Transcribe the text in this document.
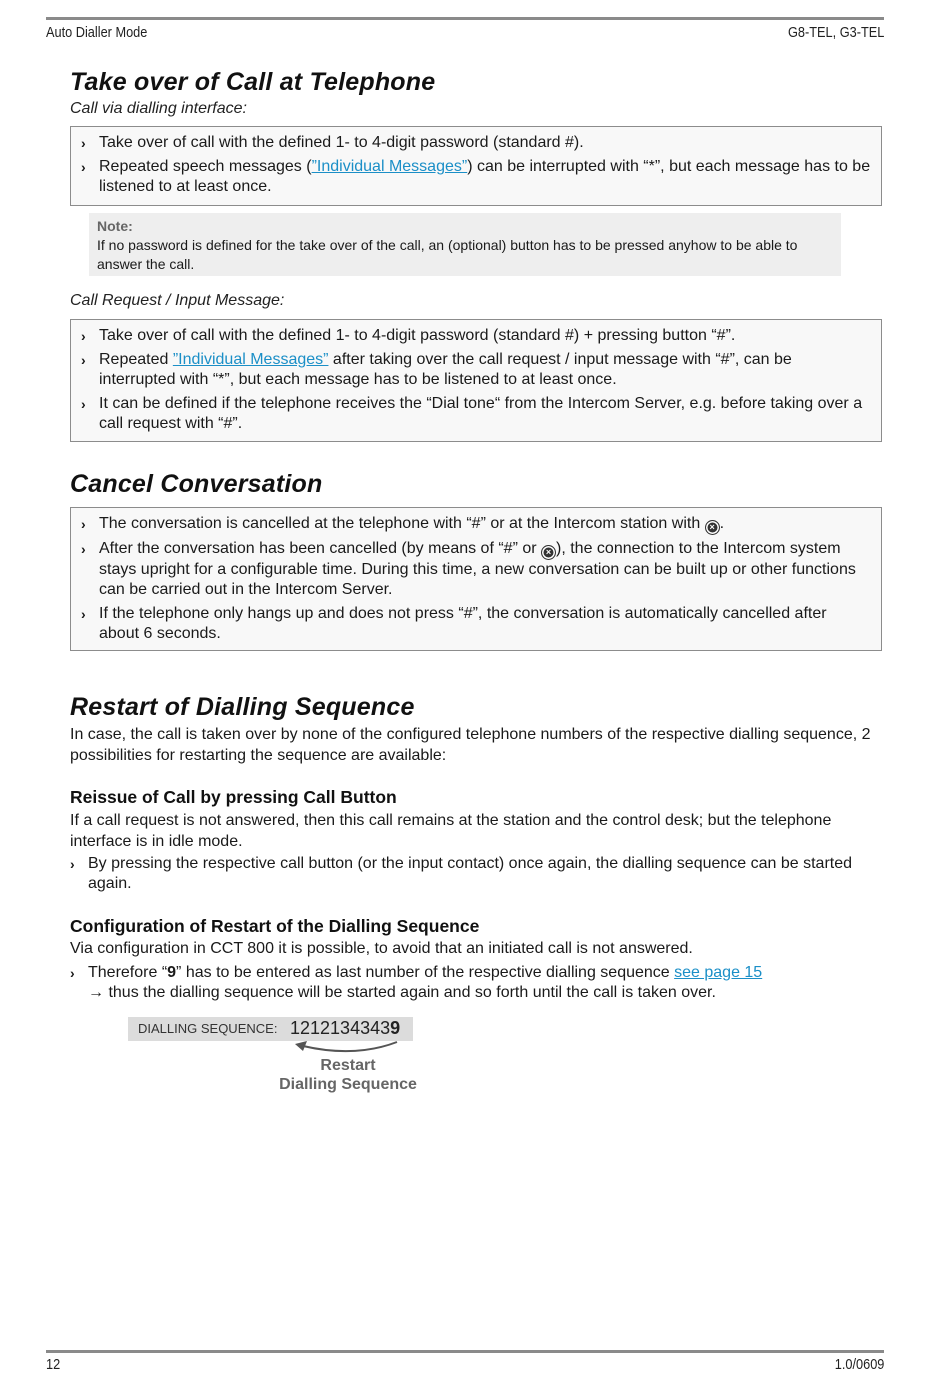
Auto Dialler Mode	G8-TEL, G3-TEL
Take over of Call at Telephone

Call via dialling interface:

› Take over of call with the defined 1- to 4-digit password (standard #).
› Repeated speech messages (”Individual Messages”) can be interrupted with “*”, but each message has to be listened to at least once.
Note:
If no password is defined for the take over of the call, an (optional) button has to be pressed anyhow to be able to answer the call.

Call Request / Input Message:

› Take over of call with the defined 1- to 4-digit password (standard #) + pressing button “#”.
› Repeated ”Individual Messages” after taking over the call request / input message with “#”, can be interrupted with “*”, but each message has to be listened to at least once.
› It can be defined if the telephone receives the “Dial tone“ from the Intercom Server, e.g. before taking over a call request with “#”.
Cancel Conversation
› The conversation is cancelled at the telephone with “#” or at the Intercom station with × .
› After the conversation has been cancelled (by means of “#” or × ), the connection to the Intercom system stays upright for a configurable time. During this time, a new conversation can be built up or other functions can be carried out in the Intercom Server.
› If the telephone only hangs up and does not press “#”, the conversation is automatically cancelled after about 6 seconds.
Restart of Dialling Sequence

In case, the call is taken over by none of the configured telephone numbers of the respective dialling sequence, 2 possibilities for restarting the sequence are available:

Reissue of Call by pressing Call Button

If a call request is not answered, then this call remains at the station and the control desk; but the telephone interface is in idle mode.

› By pressing the respective call button (or the input contact) once again, the dialling sequence can be started again.
Configuration of Restart of the Dialling Sequence

Via configuration in CCT 800 it is possible, to avoid that an initiated call is not answered.

› Therefore “9” has to be entered as last number of the respective dialling sequence see page 15
→ thus the dialling sequence will be started again and so forth until the call is taken over.
DIALLING SEQUENCE: 12121343439
Restart
Dialling Sequence
12	1.0/0609
